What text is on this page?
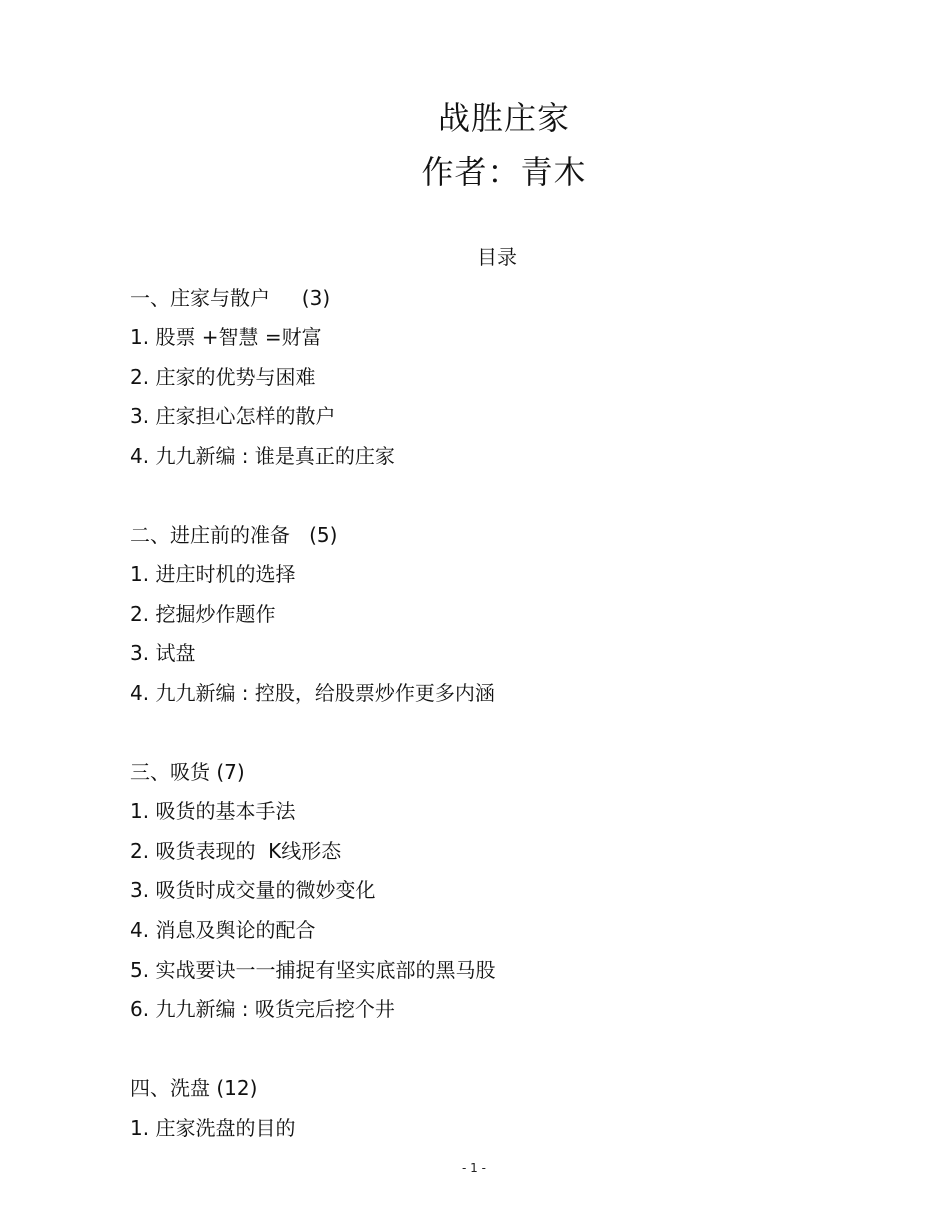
战胜庄家
作者：青木
目录
一、庄家与散户     (3)
1. 股票 +智慧 =财富
2. 庄家的优势与困难
3. 庄家担心怎样的散户
4. 九九新编 : 谁是真正的庄家
二、进庄前的准备   (5)
1. 进庄时机的选择
2. 挖掘炒作题作
3. 试盘
4. 九九新编 : 控股，给股票炒作更多内涵
三、吸货 (7)
1. 吸货的基本手法
2. 吸货表现的  K线形态
3. 吸货时成交量的微妙变化
4. 消息及舆论的配合
5. 实战要诀一一捕捉有坚实底部的黑马股
6. 九九新编 : 吸货完后挖个井
四、洗盘 (12)
1. 庄家洗盘的目的
- 1 -
